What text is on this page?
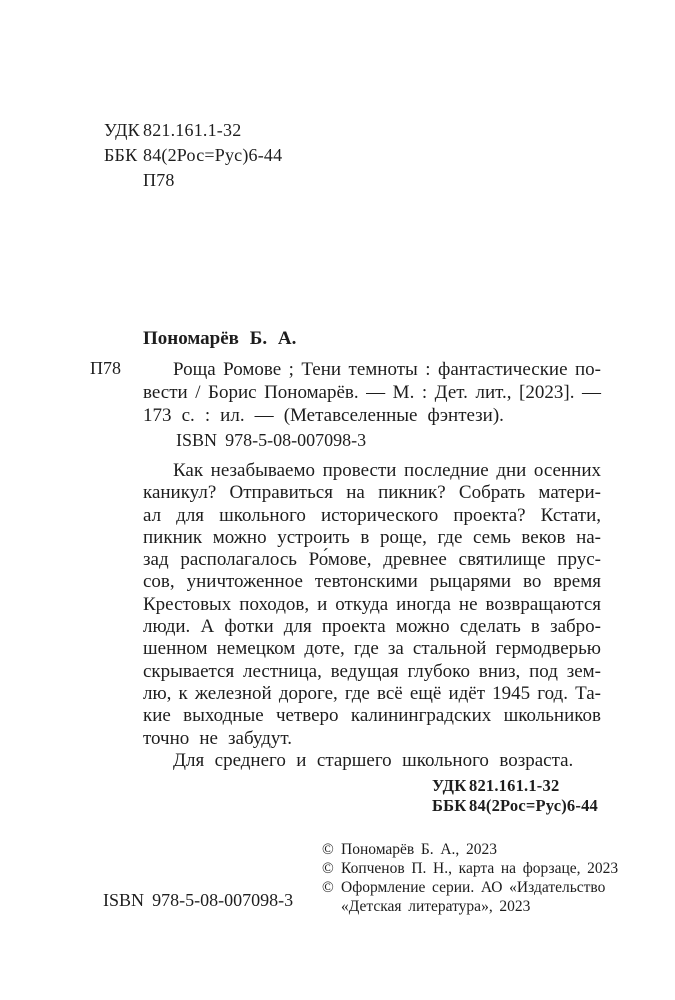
УДК 821.161.1-32
ББК 84(2Рос=Рус)6-44
П78
Пономарёв Б. А.
П78	Роща Ромове ; Тени темноты : фантастические по-
вести / Борис Пономарёв. — М. : Дет. лит., [2023]. —
173 с. : ил. — (Метавселенные фэнтези).
ISBN 978-5-08-007098-3
Как незабываемо провести последние дни осенних
каникул? Отправиться на пикник? Собрать матери-
ал для школьного исторического проекта? Кстати,
пикник можно устроить в роще, где семь веков на-
зад располагалось Ро́мове, древнее святилище прус-
сов, уничтоженное тевтонскими рыцарями во время
Крестовых походов, и откуда иногда не возвращаются
люди. А фотки для проекта можно сделать в забро-
шенном немецком доте, где за стальной гермодверью
скрывается лестница, ведущая глубоко вниз, под зем-
лю, к железной дороге, где всё ещё идёт 1945 год. Та-
кие выходные четверо калининградских школьников
точно не забудут.
Для среднего и старшего школьного возраста.
УДК 821.161.1-32
ББК 84(2Рос=Рус)6-44
© Пономарёв Б. А., 2023
© Копченов П. Н., карта на форзаце, 2023
© Оформление серии. АО «Издательство
«Детская литература», 2023
ISBN 978-5-08-007098-3
